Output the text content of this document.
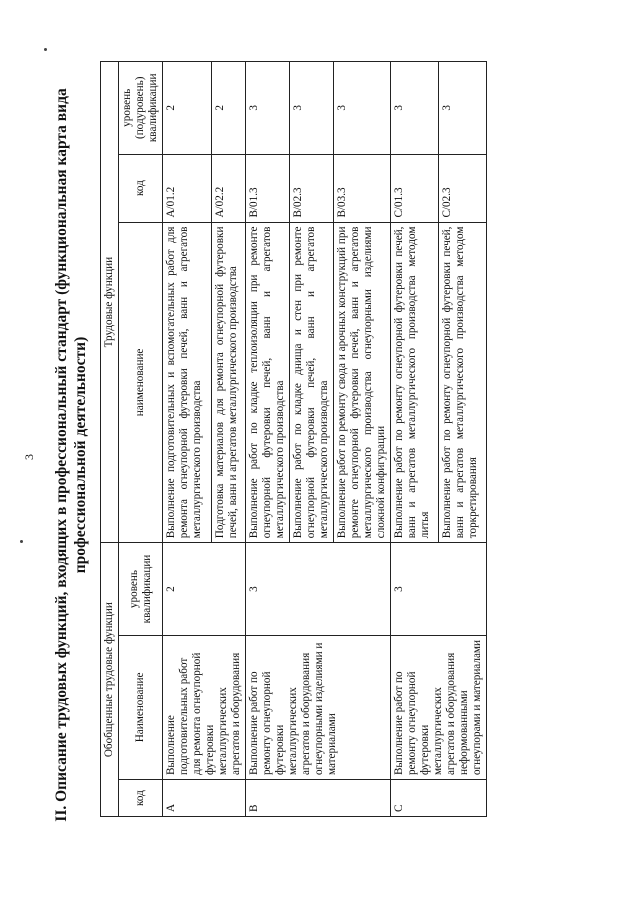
3 II. Описание трудовых функций, входящих в профессиональный стандарт (функциональная карта вида профессиональной деятельности)
Обобщенные трудовые функции			Трудовые функции		
код	Наименование	уровень квалификации	наименование	код	уровень (подуровень) квалификации
A	Выполнение подготовительных работ для ремонта огнеупорной футеровки металлургических агрегатов и оборудования	2	Выполнение подготовительных и вспомогательных работ для ремонта огнеупорной футеровки печей, ванн и агрегатов металлургического производства	A/01.2	2
			Подготовка материалов для ремонта огнеупорной футеровки печей, ванн и агрегатов металлургического производства	A/02.2	2
B	Выполнение работ по ремонту огнеупорной футеровки металлургических агрегатов и оборудования огнеупорными изделиями и материалами	3	Выполнение работ по кладке теплоизоляции при ремонте огнеупорной футеровки печей, ванн и агрегатов металлургического производства	B/01.3	3
			Выполнение работ по кладке днища и стен при ремонте огнеупорной футеровки печей, ванн и агрегатов металлургического производства	B/02.3	3
			Выполнение работ по ремонту свода и арочных конструкций при ремонте огнеупорной футеровки печей, ванн и агрегатов металлургического производства огнеупорными изделиями сложной конфигурации	B/03.3	3
C	Выполнение работ по ремонту огнеупорной футеровки металлургических агрегатов и оборудования неформованными огнеупорами и материалами	3	Выполнение работ по ремонту огнеупорной футеровки печей, ванн и агрегатов металлургического производства методом литья	C/01.3	3
			Выполнение работ по ремонту огнеупорной футеровки печей, ванн и агрегатов металлургического производства методом торкретирования	C/02.3	3
